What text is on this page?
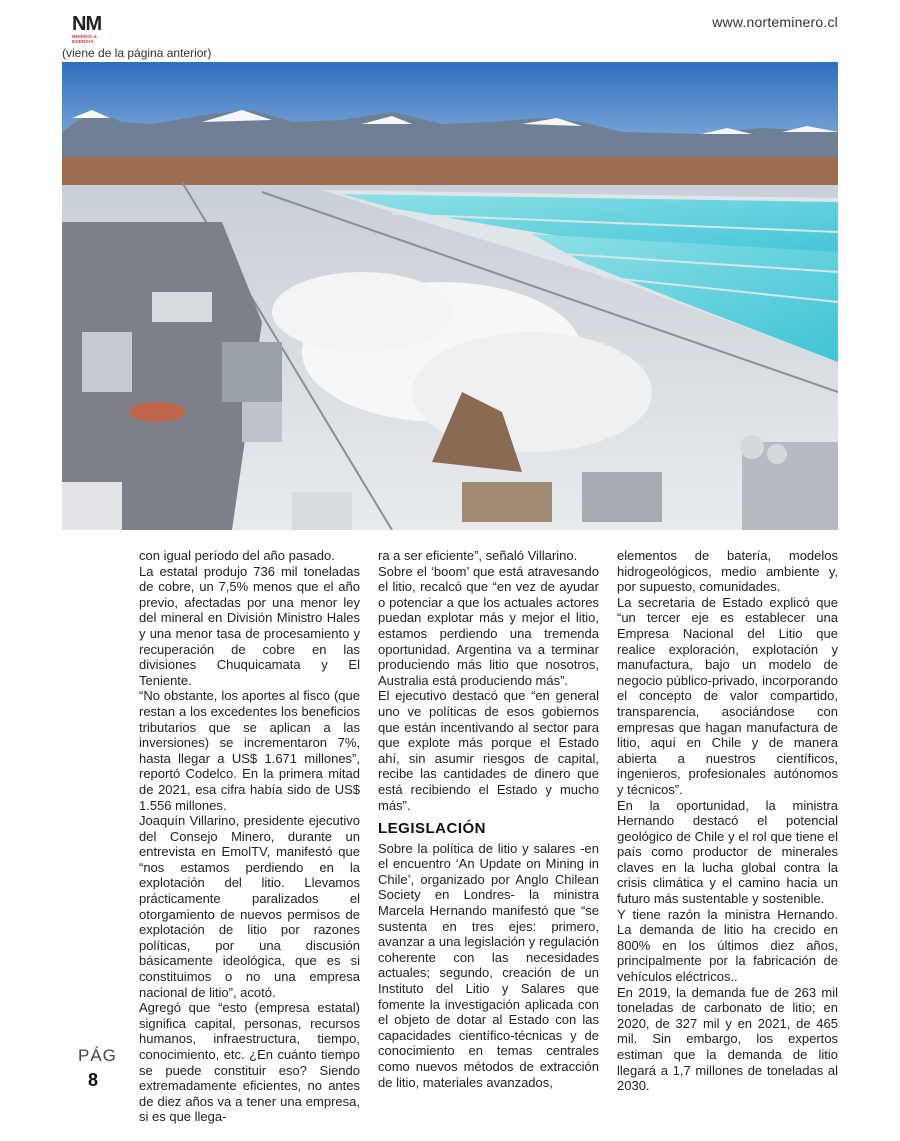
NM
MINERÍA & ENERGÍA
www.norteminero.cl
(viene de la página anterior)

con igual período del año pasado.

La estatal produjo 736 mil toneladas de cobre, un 7,5% menos que el año previo, afectadas por una menor ley del mineral en División Ministro Hales y una menor tasa de procesamiento y recuperación de cobre en las divisiones Chuquicamata y El Teniente.

“No obstante, los aportes al fisco (que restan a los excedentes los beneficios tributarios que se aplican a las inversiones) se incrementaron 7%, hasta llegar a US$ 1.671 millones”, reportó Codelco. En la primera mitad de 2021, esa cifra había sido de US$ 1.556 millones.

Joaquín Villarino, presidente ejecutivo del Consejo Minero, durante un entrevista en EmolTV, manifestó que “nos estamos perdiendo en la explotación del litio. Llevamos prácticamente paralizados el otorgamiento de nuevos permisos de explotación de litio por razones políticas, por una discusión básicamente ideológica, que es si constituimos o no una empresa nacional de litio”, acotó.

Agregó que “esto (empresa estatal) significa capital, personas, recursos humanos, infraestructura, tiempo, conocimiento, etc. ¿En cuánto tiempo se puede constituir eso? Siendo extremadamente eficientes, no antes de diez años va a tener una empresa, si es que llega-

ra a ser eficiente”, señaló Villarino.

Sobre el ‘boom’ que está atravesando el litio, recalcó que “en vez de ayudar o potenciar a que los actuales actores puedan explotar más y mejor el litio, estamos perdiendo una tremenda oportunidad. Argentina va a terminar produciendo más litio que nosotros, Australia está produciendo más”.

El ejecutivo destacó que “en general uno ve políticas de esos gobiernos que están incentivando al sector para que explote más porque el Estado ahí, sin asumir riesgos de capital, recibe las cantidades de dinero que está recibiendo el Estado y mucho más”.

LEGISLACIÓN

Sobre la política de litio y salares -en el encuentro ‘An Update on Mining in Chile’, organizado por Anglo Chilean Society en Londres- la ministra Marcela Hernando manifestó que “se sustenta en tres ejes: primero, avanzar a una legislación y regulación coherente con las necesidades actuales; segundo, creación de un Instituto del Litio y Salares que fomente la investigación aplicada con el objeto de dotar al Estado con las capacidades científico-técnicas y de conocimiento en temas centrales como nuevos métodos de extracción de litio, materiales avanzados,

elementos de batería, modelos hidrogeológicos, medio ambiente y, por supuesto, comunidades.

La secretaria de Estado explicó que “un tercer eje es establecer una Empresa Nacional del Litio que realice exploración, explotación y manufactura, bajo un modelo de negocio público-privado, incorporando el concepto de valor compartido, transparencia, asociándose con empresas que hagan manufactura de litio, aquí en Chile y de manera abierta a nuestros científicos, ingenieros, profesionales autónomos y técnicos”.

En la oportunidad, la ministra Hernando destacó el potencial geológico de Chile y el rol que tiene el país como productor de minerales claves en la lucha global contra la crisis climática y el camino hacia un futuro más sustentable y sostenible.

Y tiene razón la ministra Hernando. La demanda de litio ha crecido en 800% en los últimos diez años, principalmente por la fabricación de vehículos eléctricos..

En 2019, la demanda fue de 263 mil toneladas de carbonato de litio; en 2020, de 327 mil y en 2021, de 465 mil. Sin embargo, los expertos estiman que la demanda de litio llegará a 1,7 millones de toneladas al 2030.

PÁG
8
